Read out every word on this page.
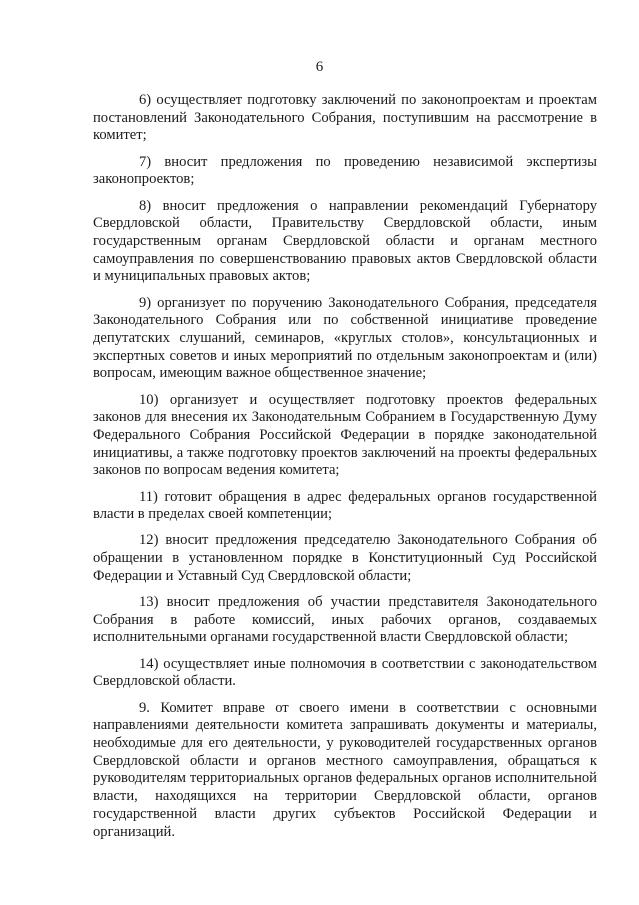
6

6) осуществляет подготовку заключений по законопроектам и проектам постановлений Законодательного Собрания, поступившим на рассмотрение в комитет;

7) вносит предложения по проведению независимой экспертизы законопроектов;

8) вносит предложения о направлении рекомендаций Губернатору Свердловской области, Правительству Свердловской области, иным государственным органам Свердловской области и органам местного самоуправления по совершенствованию правовых актов Свердловской области и муниципальных правовых актов;

9) организует по поручению Законодательного Собрания, председателя Законодательного Собрания или по собственной инициативе проведение депутатских слушаний, семинаров, «круглых столов», консультационных и экспертных советов и иных мероприятий по отдельным законопроектам и (или) вопросам, имеющим важное общественное значение;

10) организует и осуществляет подготовку проектов федеральных законов для внесения их Законодательным Собранием в Государственную Думу Федерального Собрания Российской Федерации в порядке законодательной инициативы, а также подготовку проектов заключений на проекты федеральных законов по вопросам ведения комитета;

11) готовит обращения в адрес федеральных органов государственной власти в пределах своей компетенции;

12) вносит предложения председателю Законодательного Собрания об обращении в установленном порядке в Конституционный Суд Российской Федерации и Уставный Суд Свердловской области;

13) вносит предложения об участии представителя Законодательного Собрания в работе комиссий, иных рабочих органов, создаваемых исполнительными органами государственной власти Свердловской области;

14) осуществляет иные полномочия в соответствии с законодательством Свердловской области.

9. Комитет вправе от своего имени в соответствии с основными направлениями деятельности комитета запрашивать документы и материалы, необходимые для его деятельности, у руководителей государственных органов Свердловской области и органов местного самоуправления, обращаться к руководителям территориальных органов федеральных органов исполнительной власти, находящихся на территории Свердловской области, органов государственной власти других субъектов Российской Федерации и организаций.
